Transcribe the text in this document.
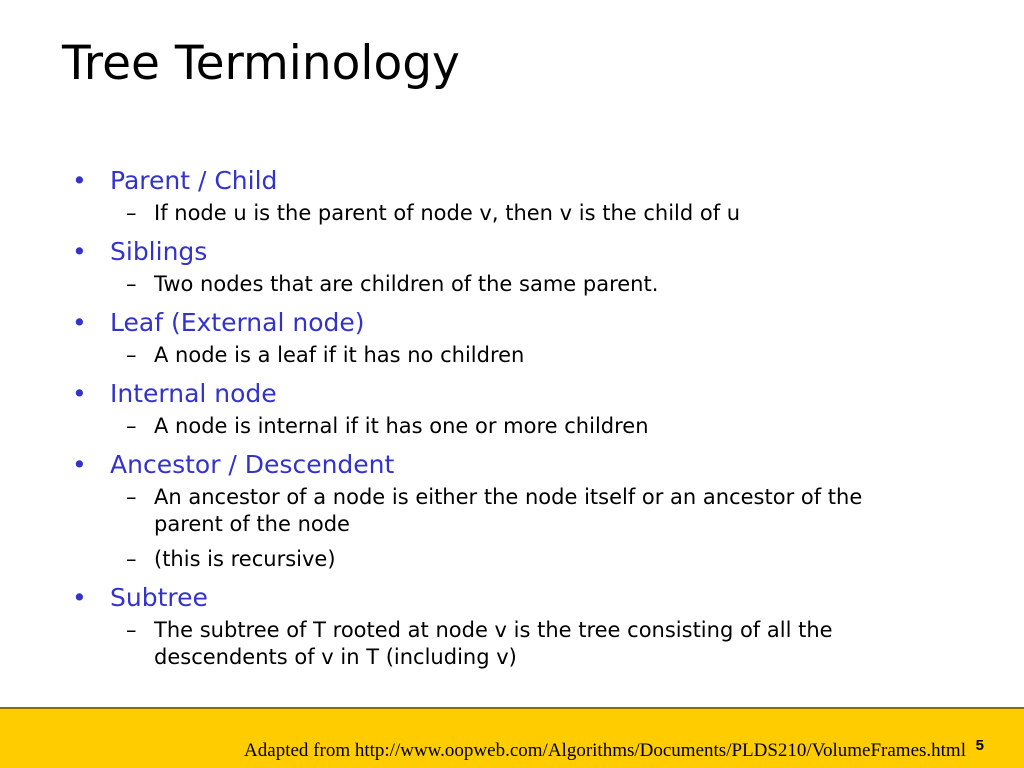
Tree Terminology
• Parent / Child
– If node u is the parent of node v, then v is the child of u
• Siblings
– Two nodes that are children of the same parent.
• Leaf (External node)
– A node is a leaf if it has no children
• Internal node
– A node is internal if it has one or more children
• Ancestor / Descendent
– An ancestor of a node is either the node itself or an ancestor of the parent of the node
– (this is recursive)
• Subtree
– The subtree of T rooted at node v is the tree consisting of all the descendents of v in T (including v)
Adapted from http://www.oopweb.com/Algorithms/Documents/PLDS210/VolumeFrames.html 5
